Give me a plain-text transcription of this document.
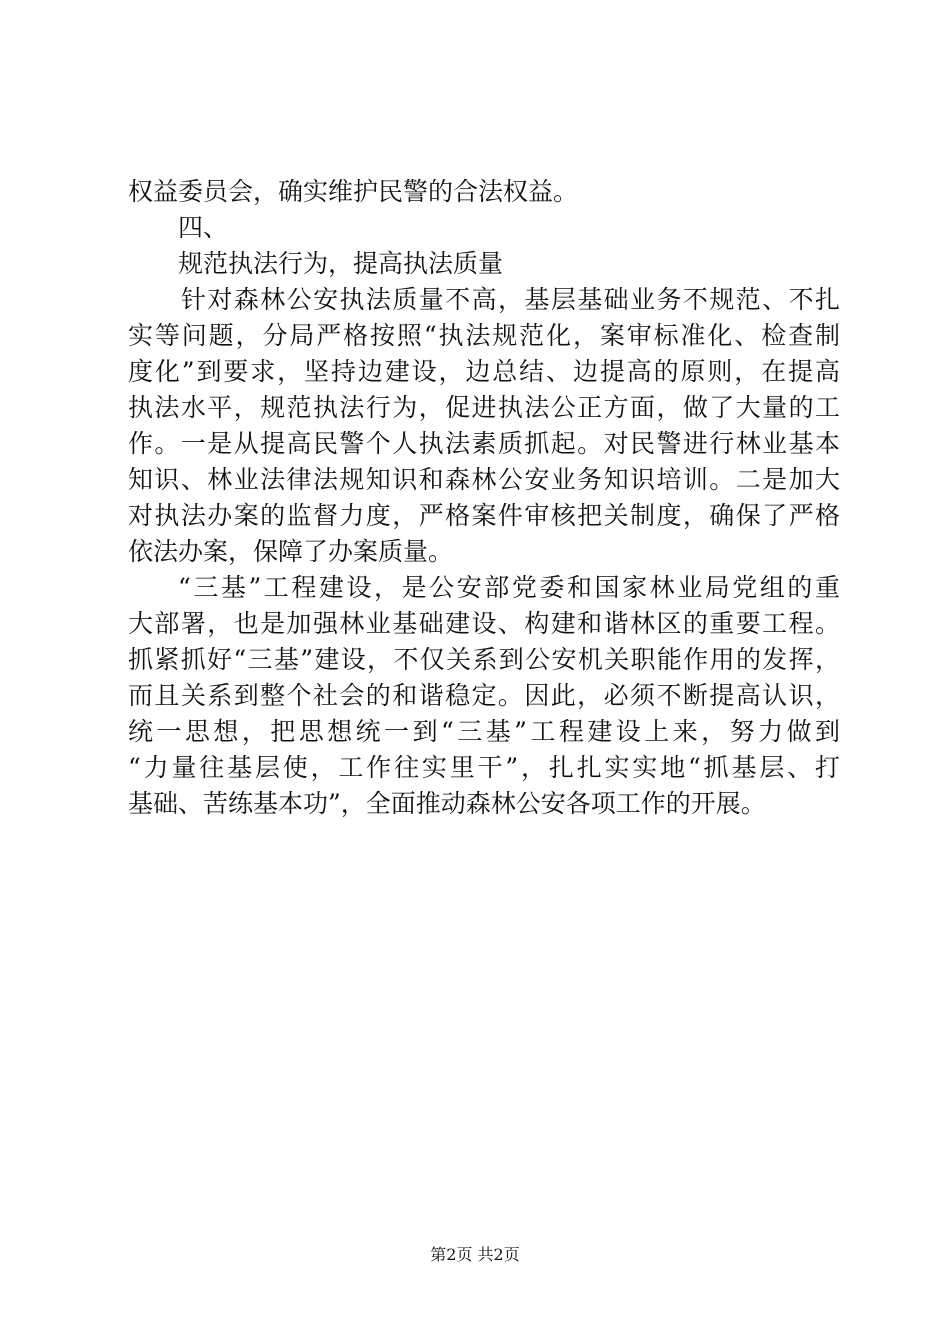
权益委员会，确实维护民警的合法权益。
四、
规范执法行为，提高执法质量
针对森林公安执法质量不高，基层基础业务不规范、不扎
实等问题，分局严格按照“执法规范化，案审标准化、检查制
度化”到要求，坚持边建设，边总结、边提高的原则，在提高
执法水平，规范执法行为，促进执法公正方面，做了大量的工
作。一是从提高民警个人执法素质抓起。对民警进行林业基本
知识、林业法律法规知识和森林公安业务知识培训。二是加大
对执法办案的监督力度，严格案件审核把关制度，确保了严格
依法办案，保障了办案质量。
“三基”工程建设，是公安部党委和国家林业局党组的重
大部署，也是加强林业基础建设、构建和谐林区的重要工程。
抓紧抓好“三基”建设，不仅关系到公安机关职能作用的发挥，
而且关系到整个社会的和谐稳定。因此，必须不断提高认识，
统一思想，把思想统一到“三基”工程建设上来，努力做到
“力量往基层使，工作往实里干”，扎扎实实地“抓基层、打
基础、苦练基本功”，全面推动森林公安各项工作的开展。
第2页 共2页
